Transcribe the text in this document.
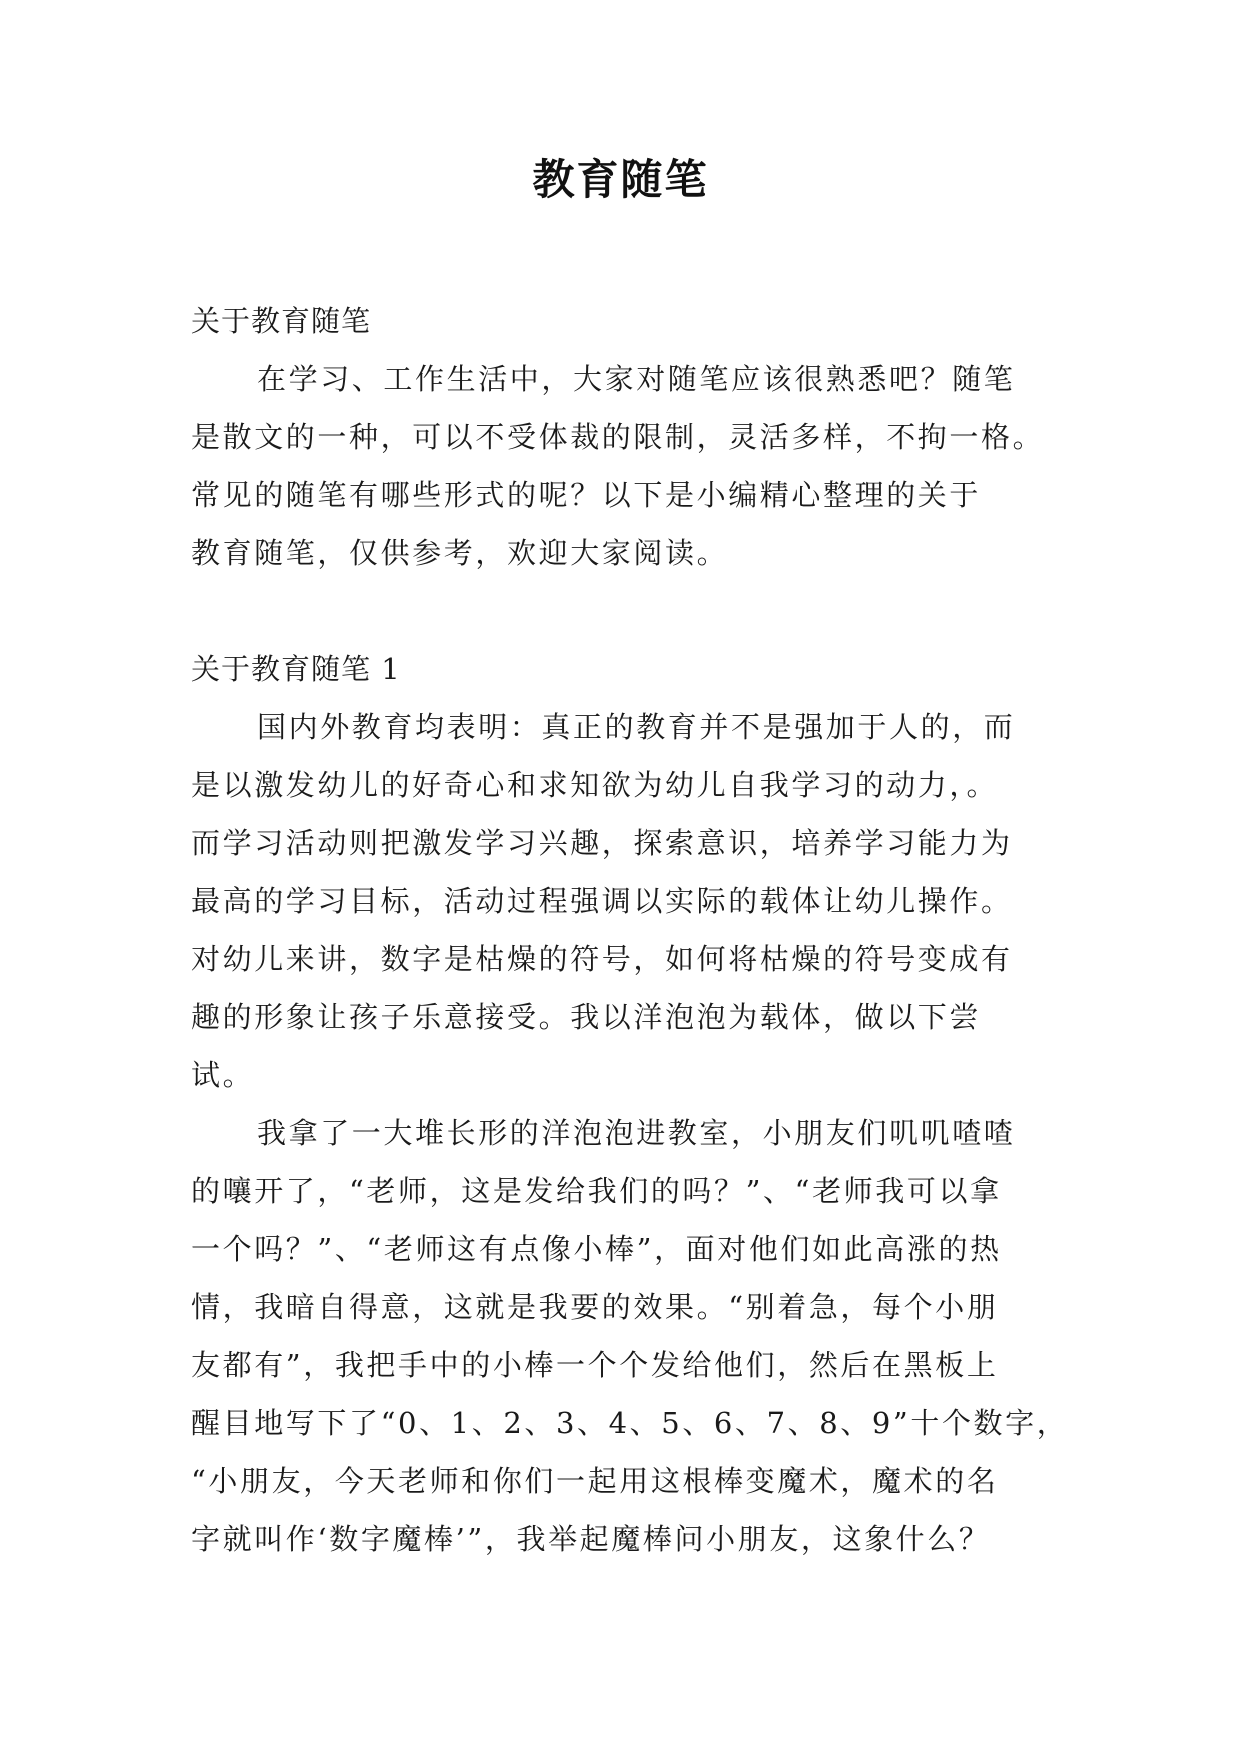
教育随笔
关于教育随笔
在学习、工作生活中，大家对随笔应该很熟悉吧？随笔
是散文的一种，可以不受体裁的限制，灵活多样，不拘一格。
常见的随笔有哪些形式的呢？以下是小编精心整理的关于
教育随笔，仅供参考，欢迎大家阅读。
关于教育随笔 1
国内外教育均表明：真正的教育并不是强加于人的，而
是以激发幼儿的好奇心和求知欲为幼儿自我学习的动力，。
而学习活动则把激发学习兴趣，探索意识，培养学习能力为
最高的学习目标，活动过程强调以实际的载体让幼儿操作。
对幼儿来讲，数字是枯燥的符号，如何将枯燥的符号变成有
趣的形象让孩子乐意接受。我以洋泡泡为载体，做以下尝
试。
我拿了一大堆长形的洋泡泡进教室，小朋友们叽叽喳喳
的嚷开了，“老师，这是发给我们的吗？”、“老师我可以拿
一个吗？”、“老师这有点像小棒”，面对他们如此高涨的热
情，我暗自得意，这就是我要的效果。“别着急，每个小朋
友都有”，我把手中的小棒一个个发给他们，然后在黑板上
醒目地写下了“0、1、2、3、4、5、6、7、8、9”十个数字，
“小朋友，今天老师和你们一起用这根棒变魔术，魔术的名
字就叫作‘数字魔棒’”，我举起魔棒问小朋友，这象什么？
